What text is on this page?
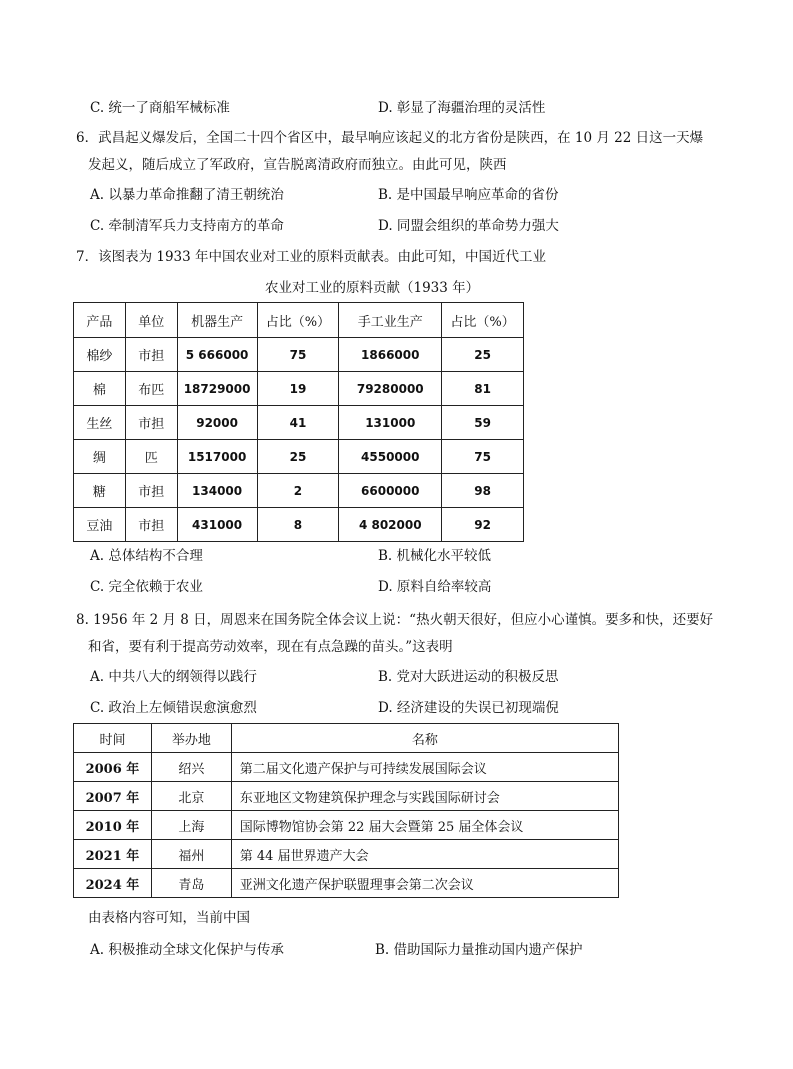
C. 统一了商船军械标准	D. 彰显了海疆治理的灵活性
6．武昌起义爆发后，全国二十四个省区中，最早响应该起义的北方省份是陕西，在 10 月 22 日这一天爆
发起义，随后成立了军政府，宣告脱离清政府而独立。由此可见，陕西
A. 以暴力革命推翻了清王朝统治	B. 是中国最早响应革命的省份
C. 牵制清军兵力支持南方的革命	D. 同盟会组织的革命势力强大
7．该图表为 1933 年中国农业对工业的原料贡献表。由此可知，中国近代工业
农业对工业的原料贡献（1933 年）
产品	单位	机器生产	占比（%）	手工业生产	占比（%）
棉纱	市担	5 666000	75	1866000	25
棉	布匹	18729000	19	79280000	81
生丝	市担	92000	41	131000	59
绸	匹	1517000	25	4550000	75
糖	市担	134000	2	6600000	98
豆油	市担	431000	8	4 802000	92
A. 总体结构不合理	B. 机械化水平较低
C. 完全依赖于农业	D. 原料自给率较高
8. 1956 年 2 月 8 日，周恩来在国务院全体会议上说：“热火朝天很好，但应小心谨慎。要多和快，还要好
和省，要有利于提高劳动效率，现在有点急躁的苗头。”这表明
A. 中共八大的纲领得以践行	B. 党对大跃进运动的积极反思
C. 政治上左倾错误愈演愈烈	D. 经济建设的失误已初现端倪
时间	举办地	名称
2006 年	绍兴	第二届文化遗产保护与可持续发展国际会议
2007 年	北京	东亚地区文物建筑保护理念与实践国际研讨会
2010 年	上海	国际博物馆协会第 22 届大会暨第 25 届全体会议
2021 年	福州	第 44 届世界遗产大会
2024 年	青岛	亚洲文化遗产保护联盟理事会第二次会议
由表格内容可知，当前中国
A. 积极推动全球文化保护与传承	B. 借助国际力量推动国内遗产保护
